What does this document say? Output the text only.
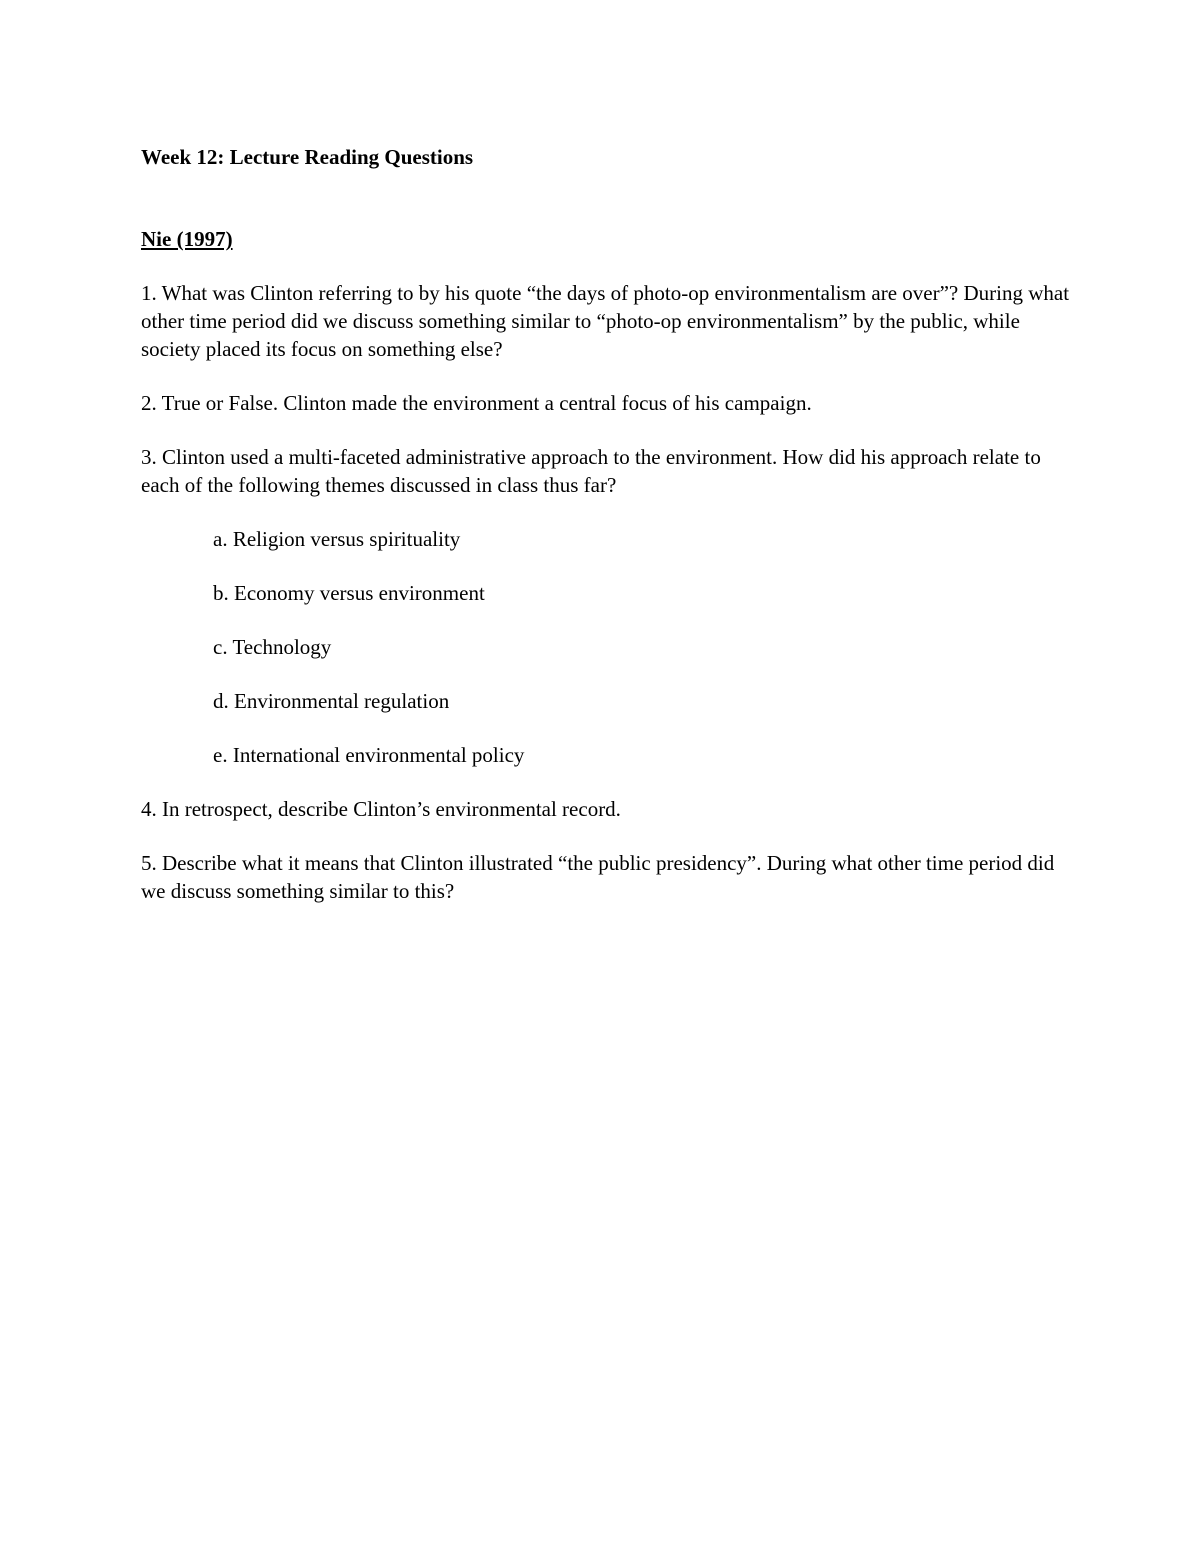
Week 12: Lecture Reading Questions
Nie (1997)
1. What was Clinton referring to by his quote “the days of photo-op environmentalism are over”? During what other time period did we discuss something similar to “photo-op environmentalism” by the public, while society placed its focus on something else?
2. True or False. Clinton made the environment a central focus of his campaign.
3. Clinton used a multi-faceted administrative approach to the environment. How did his approach relate to each of the following themes discussed in class thus far?
a. Religion versus spirituality
b. Economy versus environment
c. Technology
d. Environmental regulation
e. International environmental policy
4. In retrospect, describe Clinton’s environmental record.
5. Describe what it means that Clinton illustrated “the public presidency”. During what other time period did we discuss something similar to this?
